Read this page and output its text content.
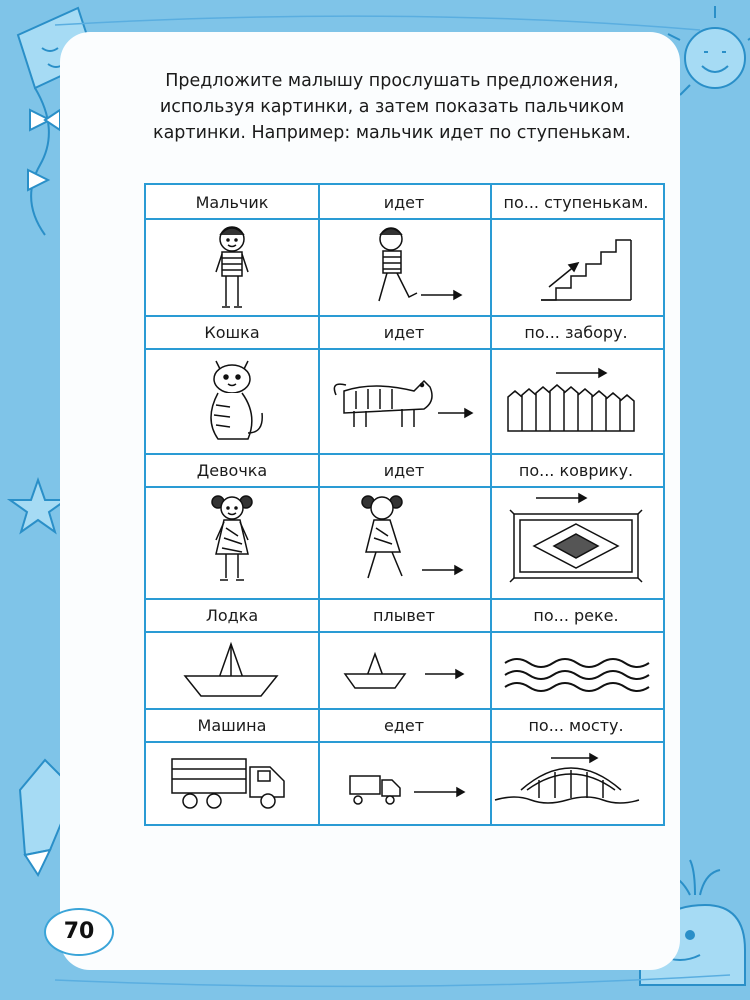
Предложите малышу прослушать предложения,
используя картинки, а затем показать пальчиком
картинки. Например: мальчик идет по ступенькам.
Мальчик	идет	по... ступенькам.
Кошка	идет	по... забору.
Девочка	идет	по... коврику.
Лодка	плывет	по... реке.
Машина	едет	по... мосту.
70
